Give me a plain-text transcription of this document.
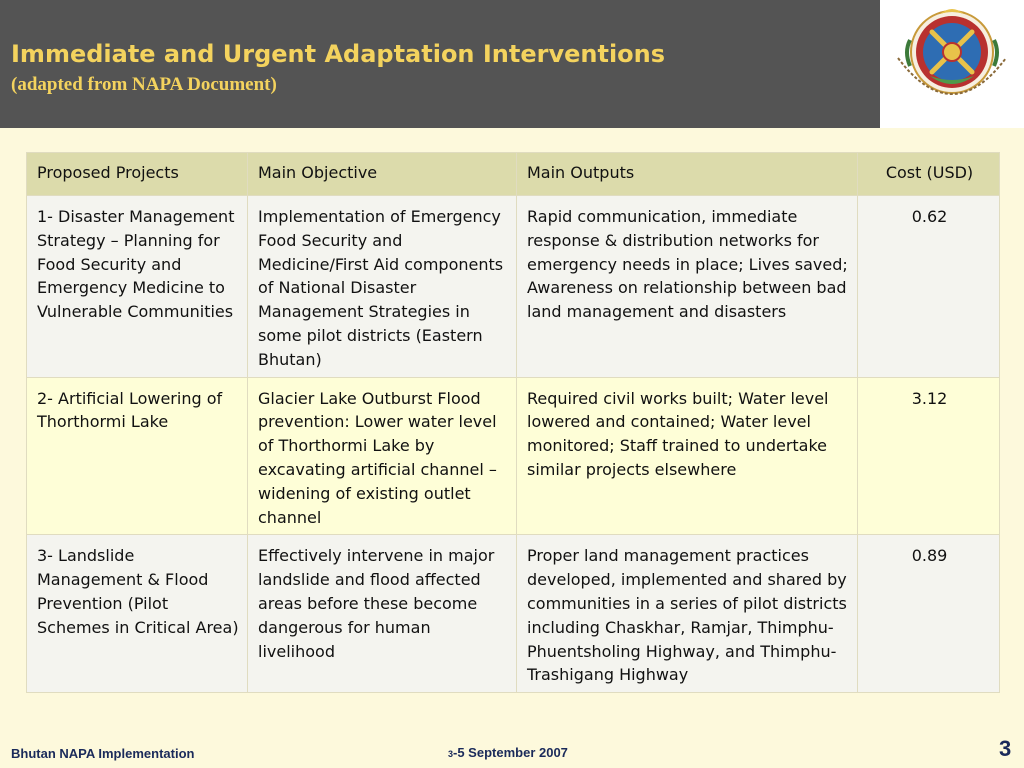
Immediate and Urgent Adaptation Interventions
(adapted from NAPA Document)
Proposed Projects	Main Objective	Main Outputs	Cost (USD)
1- Disaster Management Strategy – Planning for Food Security and Emergency Medicine to Vulnerable Communities	Implementation of Emergency Food Security and Medicine/First Aid components of National Disaster Management Strategies in some pilot districts (Eastern Bhutan)	Rapid communication, immediate response & distribution networks for emergency needs in place; Lives saved; Awareness on relationship between bad land management and disasters	0.62
2- Artificial Lowering of Thorthormi Lake	Glacier Lake Outburst Flood prevention: Lower water level of Thorthormi Lake by excavating artificial channel – widening of existing outlet channel	Required civil works built; Water level lowered and contained; Water level monitored; Staff trained to undertake similar projects elsewhere	3.12
3- Landslide Management & Flood Prevention (Pilot Schemes in Critical Area)	Effectively intervene in major landslide and flood affected areas before these become dangerous for human livelihood	Proper land management practices developed, implemented and shared by communities in a series of pilot districts including Chaskhar, Ramjar, Thimphu-Phuentsholing Highway, and Thimphu-Trashigang Highway	0.89
Bhutan NAPA Implementation	3-5 September 2007	3
